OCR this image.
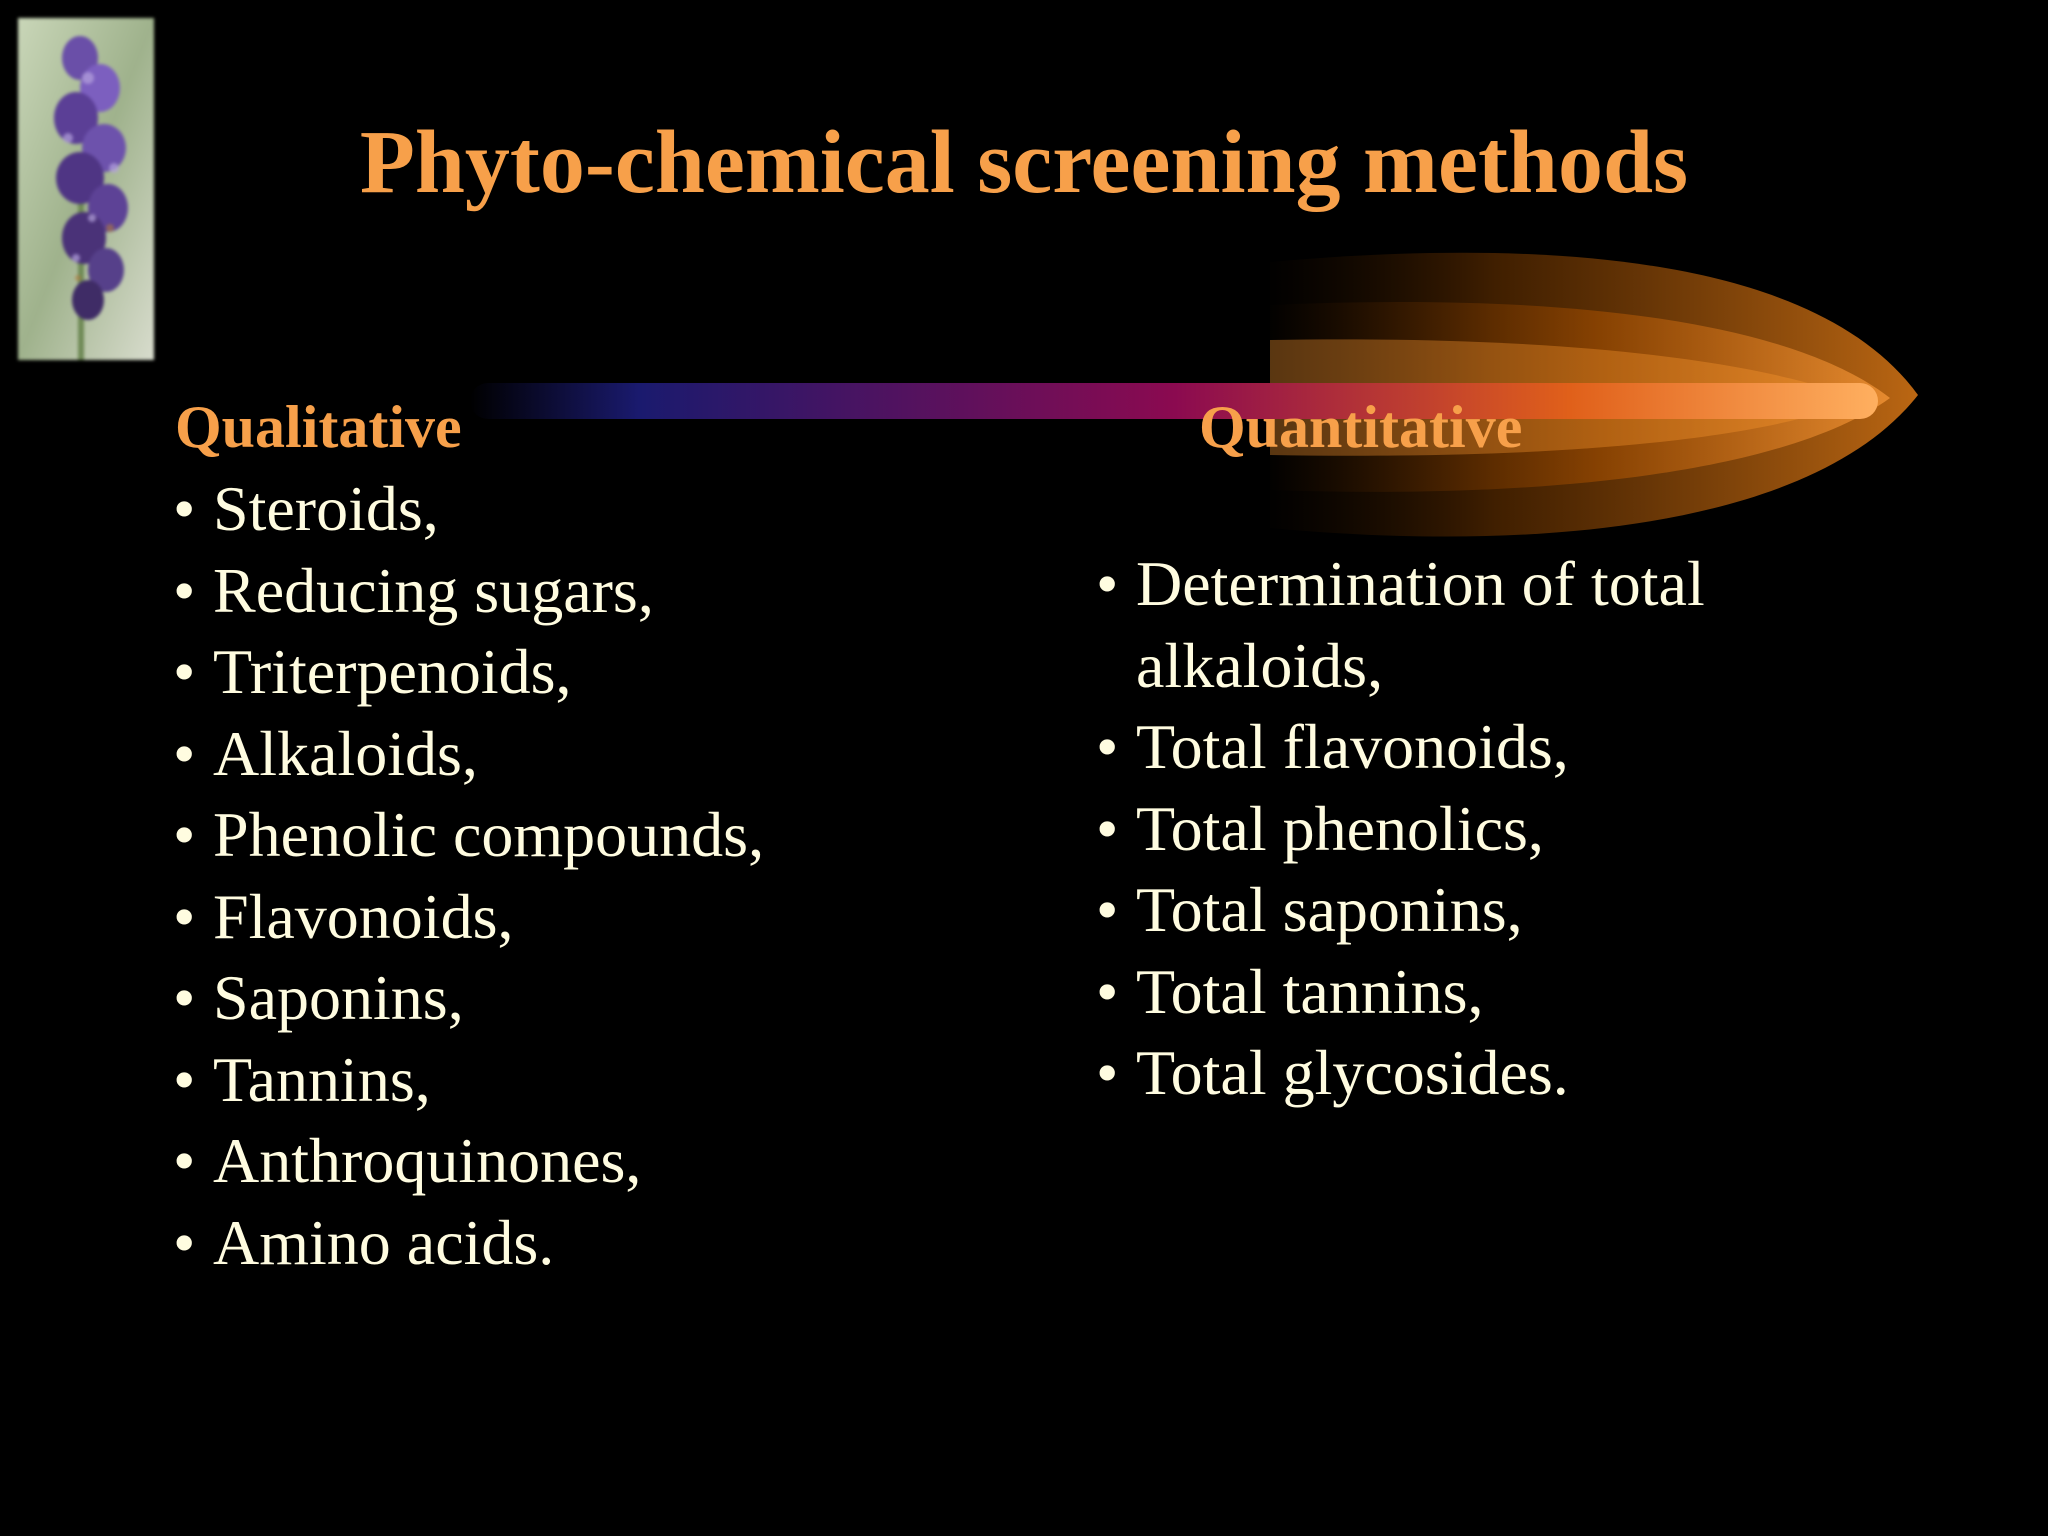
Phyto-chemical screening methods
Qualitative
• Steroids,
• Reducing sugars,
• Triterpenoids,
• Alkaloids,
• Phenolic compounds,
• Flavonoids,
• Saponins,
• Tannins,
• Anthroquinones,
• Amino acids.
Quantitative
• Determination of total alkaloids,
• Total flavonoids,
• Total phenolics,
• Total saponins,
• Total tannins,
• Total glycosides.
